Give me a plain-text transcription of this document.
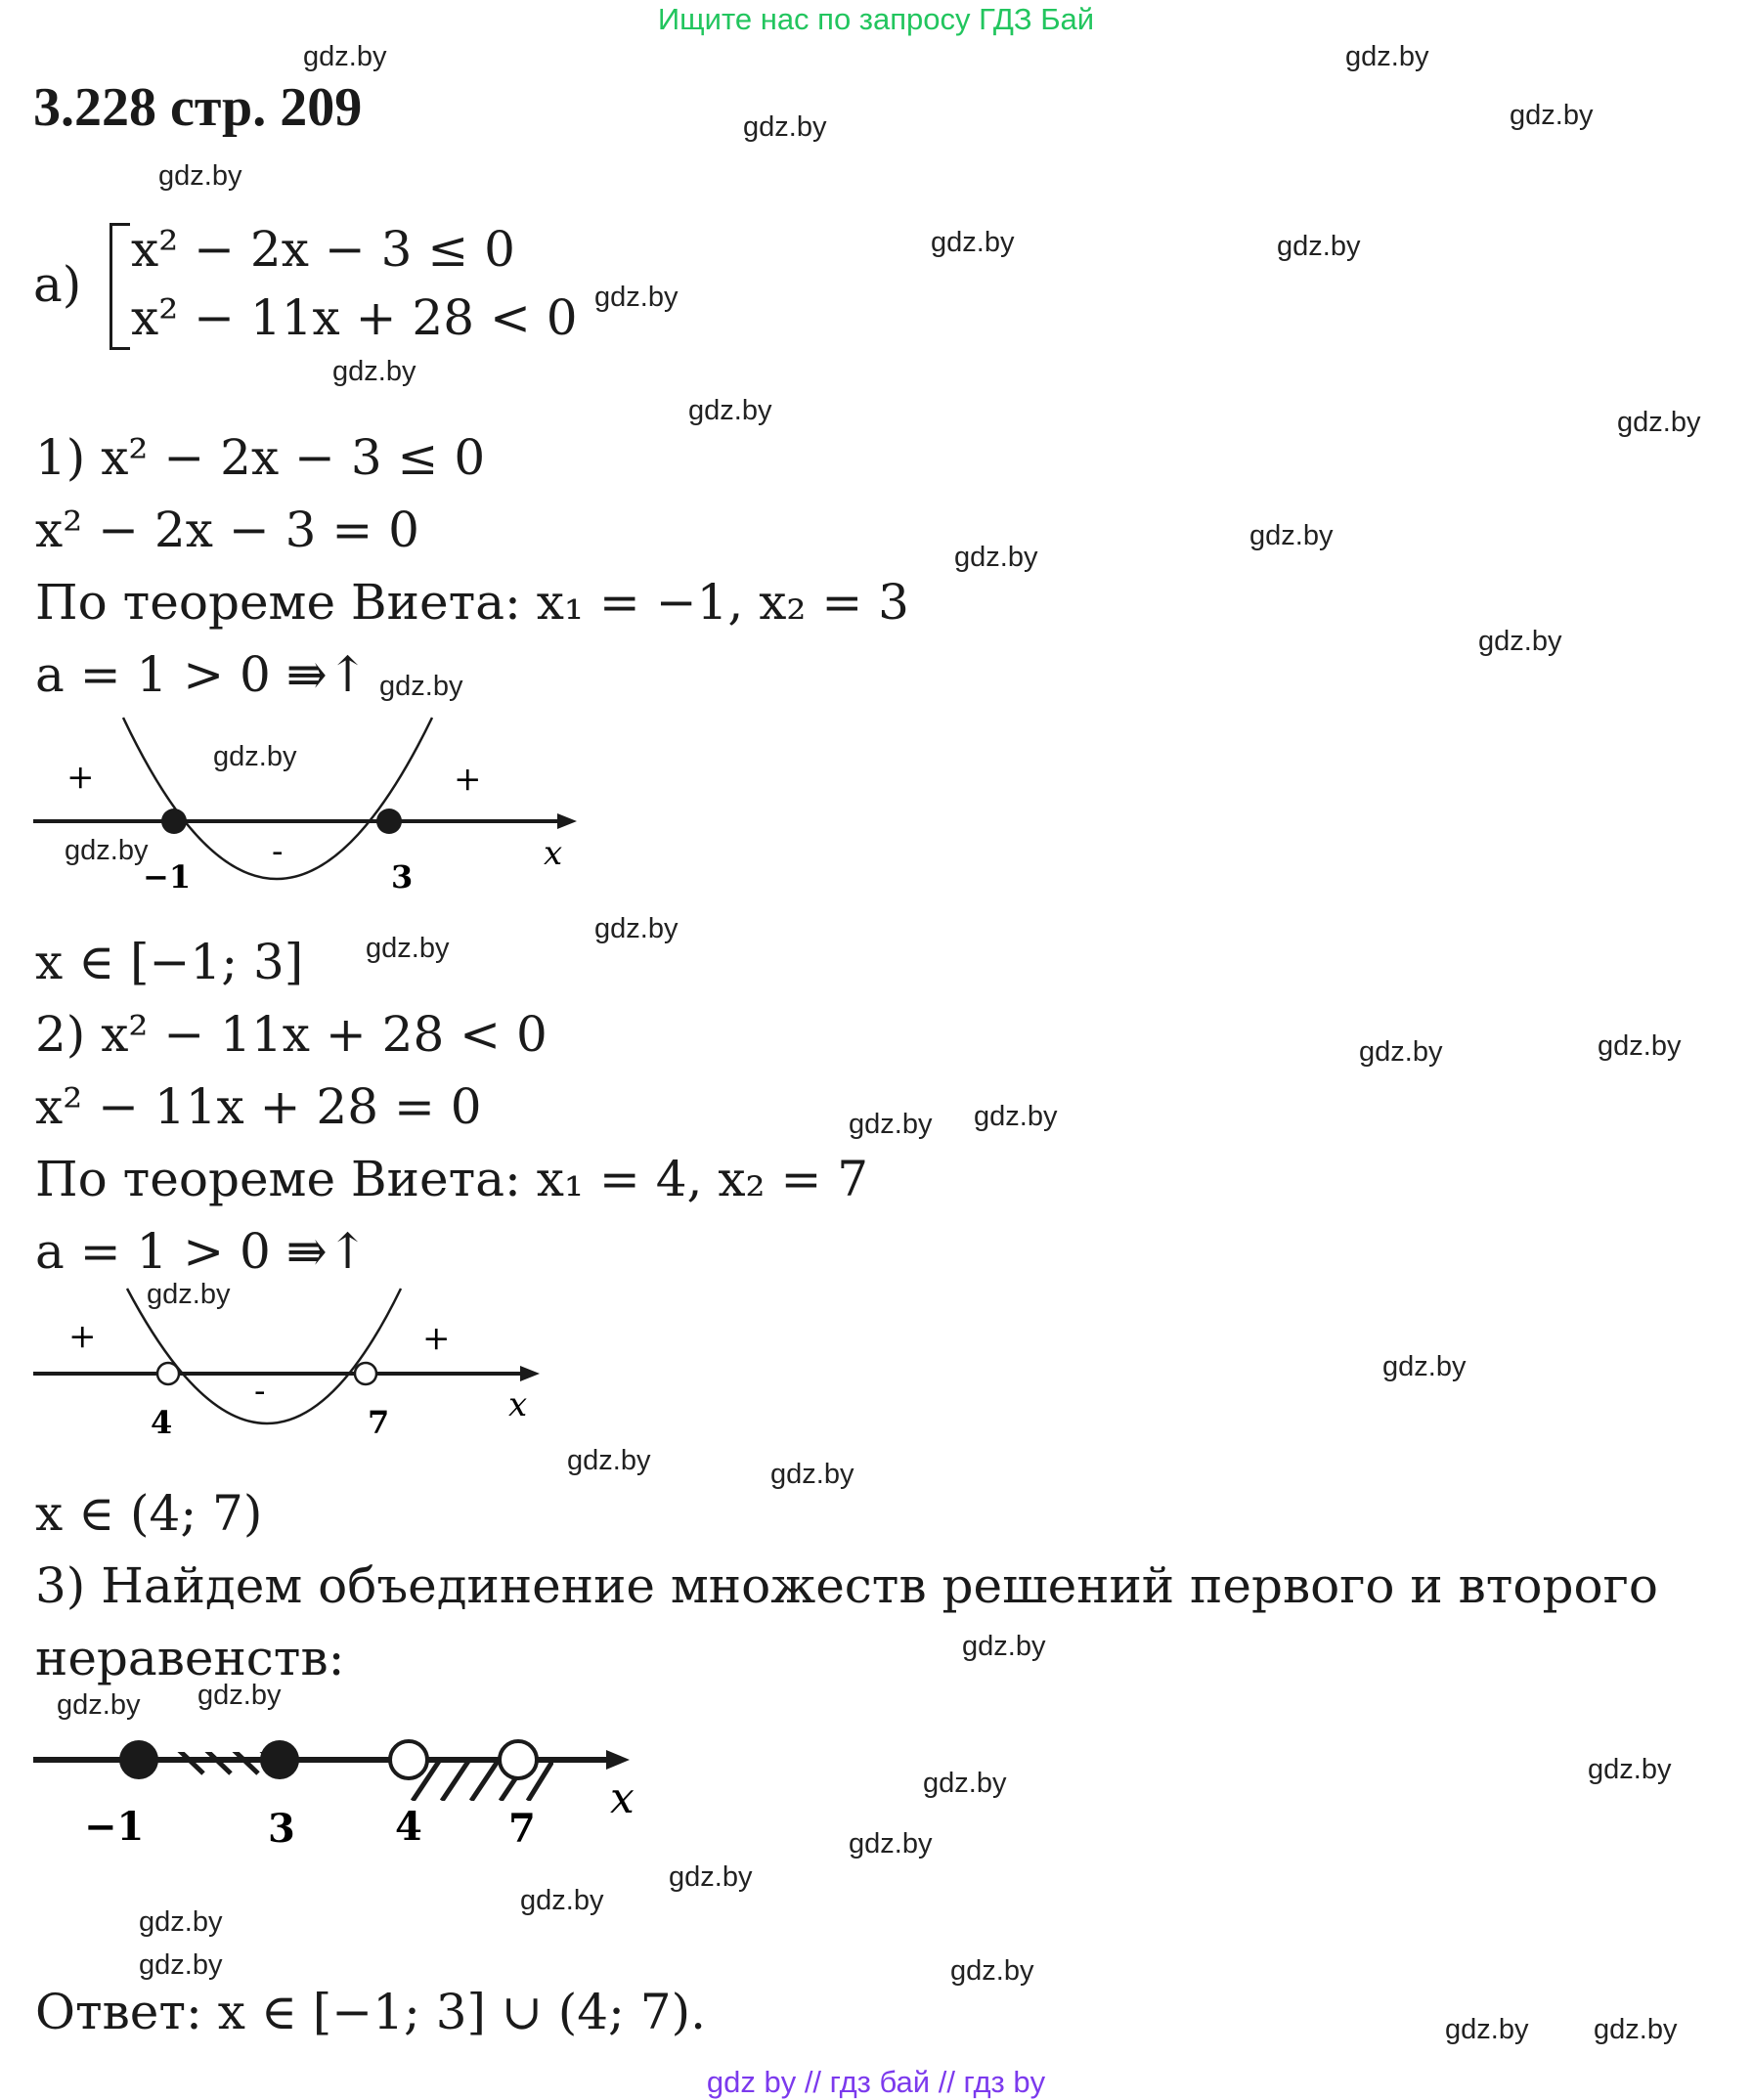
Ищите нас по запросу ГДЗ Бай
3.228 стр. 209
а)
x² − 2x − 3 ≤ 0
x² − 11x + 28 < 0
1) x² − 2x − 3 ≤ 0
x² − 2x − 3 = 0
По теореме Виета: x₁ = −1, x₂ = 3
a = 1 > 0 ⇛↑
+
-
+
−1	3
x
x ∈ [−1; 3]
2) x² − 11x + 28 < 0
x² − 11x + 28 = 0
По теореме Виета: x₁ = 4, x₂ = 7
a = 1 > 0 ⇛↑
+
-
+
4	7	x
x ∈ (4; 7)
3) Найдем объединение множеств решений первого и второго
неравенств:
−1	3	4 7
x
Ответ: x ∈ [−1; 3] ∪ (4; 7).
gdz.by	gdz.by
gdz.by	gdz.by
gdz.by
gdz.by	gdz.by
gdz.by
gdz.by
gdz.by	gdz.by
gdz.by
gdz.by
gdz.by
gdz.by
gdz.by
gdz.by
gdz.by
gdz.by
gdz.by	gdz.by
gdz.by gdz.by
gdz.by
gdz.by
gdz.by	gdz.by
gdz.by
gdz.by gdz.by
gdz.by
gdz.by
gdz.by
gdz.by
gdz.by
gdz.by
gdz.by	gdz.by
gdz.by gdz.by
gdz by // гдз бай // гдз by
